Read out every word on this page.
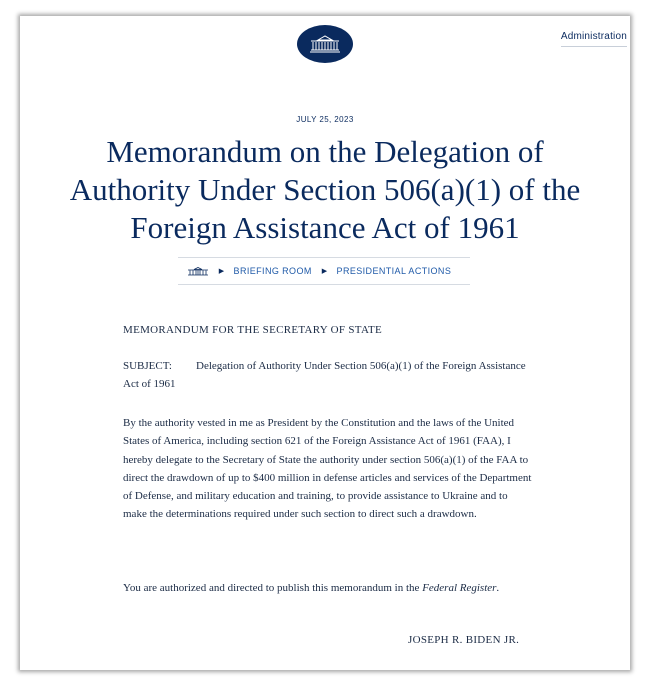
Administration
JULY 25, 2023
Memorandum on the Delegation of Authority Under Section 506(a)(1) of the Foreign Assistance Act of 1961
▶ BRIEFING ROOM ▶ PRESIDENTIAL ACTIONS

MEMORANDUM FOR THE SECRETARY OF STATE

SUBJECT: Delegation of Authority Under Section 506(a)(1) of the Foreign Assistance Act of 1961

By the authority vested in me as President by the Constitution and the laws of the United States of America, including section 621 of the Foreign Assistance Act of 1961 (FAA), I hereby delegate to the Secretary of State the authority under section 506(a)(1) of the FAA to direct the drawdown of up to $400 million in defense articles and services of the Department of Defense, and military education and training, to provide assistance to Ukraine and to make the determinations required under such section to direct such a drawdown.

You are authorized and directed to publish this memorandum in the Federal Register.

JOSEPH R. BIDEN JR.
